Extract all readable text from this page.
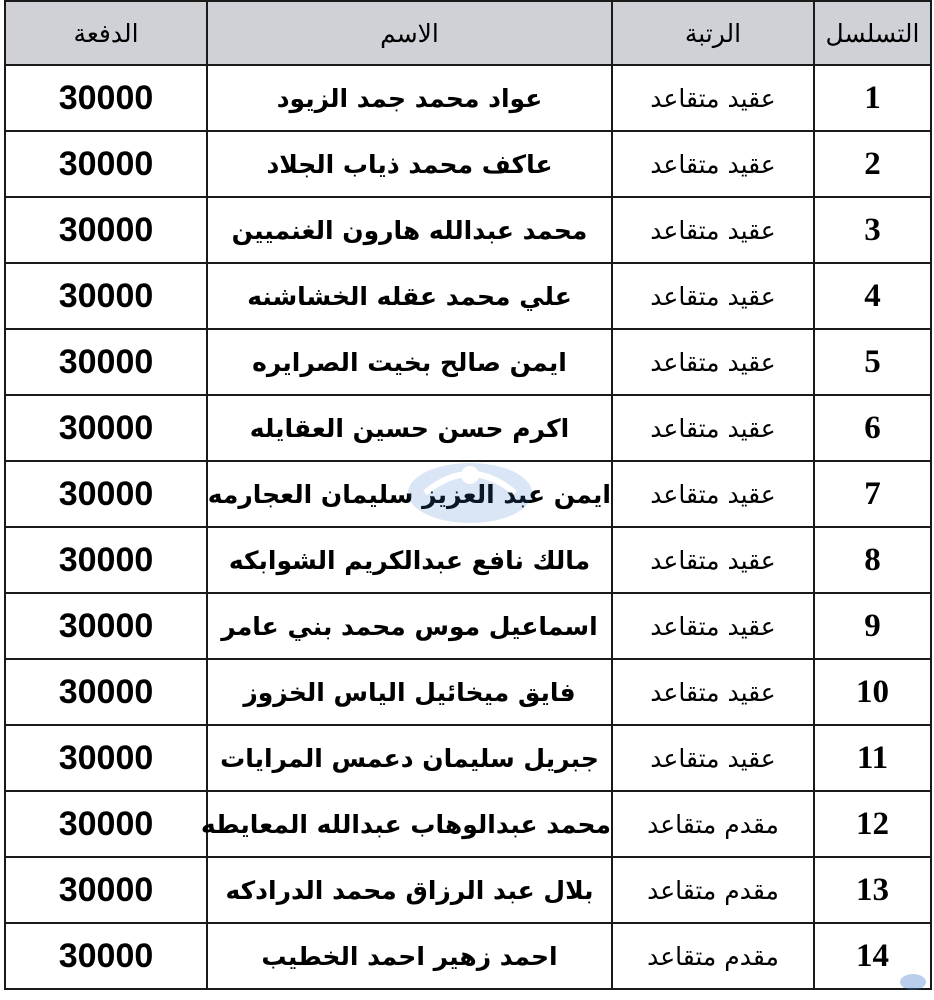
التسلسل	الرتبة	الاسم	الدفعة
1	عقيد متقاعد	عواد محمد جمد الزيود	30000
2	عقيد متقاعد	عاكف محمد ذياب الجلاد	30000
3	عقيد متقاعد	محمد عبدالله هارون الغنميين	30000
4	عقيد متقاعد	علي محمد عقله الخشاشنه	30000
5	عقيد متقاعد	ايمن صالح بخيت الصرايره	30000
6	عقيد متقاعد	اكرم حسن حسين العقايله	30000
7	عقيد متقاعد	ايمن عبد العزيز سليمان العجارمه	30000
8	عقيد متقاعد	مالك نافع عبدالكريم الشوابكه	30000
9	عقيد متقاعد	اسماعيل موس محمد بني عامر	30000
10	عقيد متقاعد	فايق ميخائيل الياس الخزوز	30000
11	عقيد متقاعد	جبريل سليمان دعمس المرايات	30000
12	مقدم متقاعد	محمد عبدالوهاب عبدالله المعايطه	30000
13	مقدم متقاعد	بلال عبد الرزاق محمد الدرادكه	30000
14	مقدم متقاعد	احمد زهير احمد الخطيب	30000
